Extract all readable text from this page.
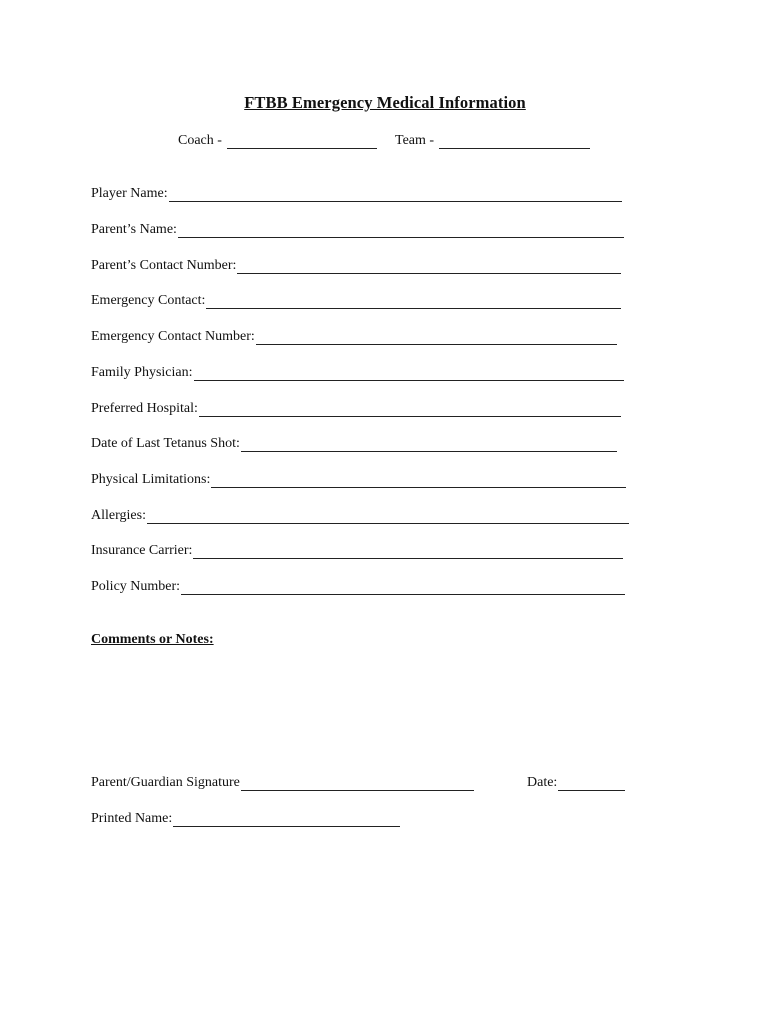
FTBB Emergency Medical Information
Coach -	Team -
Player Name:
Parent’s Name:
Parent’s Contact Number:
Emergency Contact:
Emergency Contact Number:
Family Physician:
Preferred Hospital:
Date of Last Tetanus Shot:
Physical Limitations:
Allergies:
Insurance Carrier:
Policy Number:
Comments or Notes:
Parent/Guardian Signature	Date:
Printed Name:
